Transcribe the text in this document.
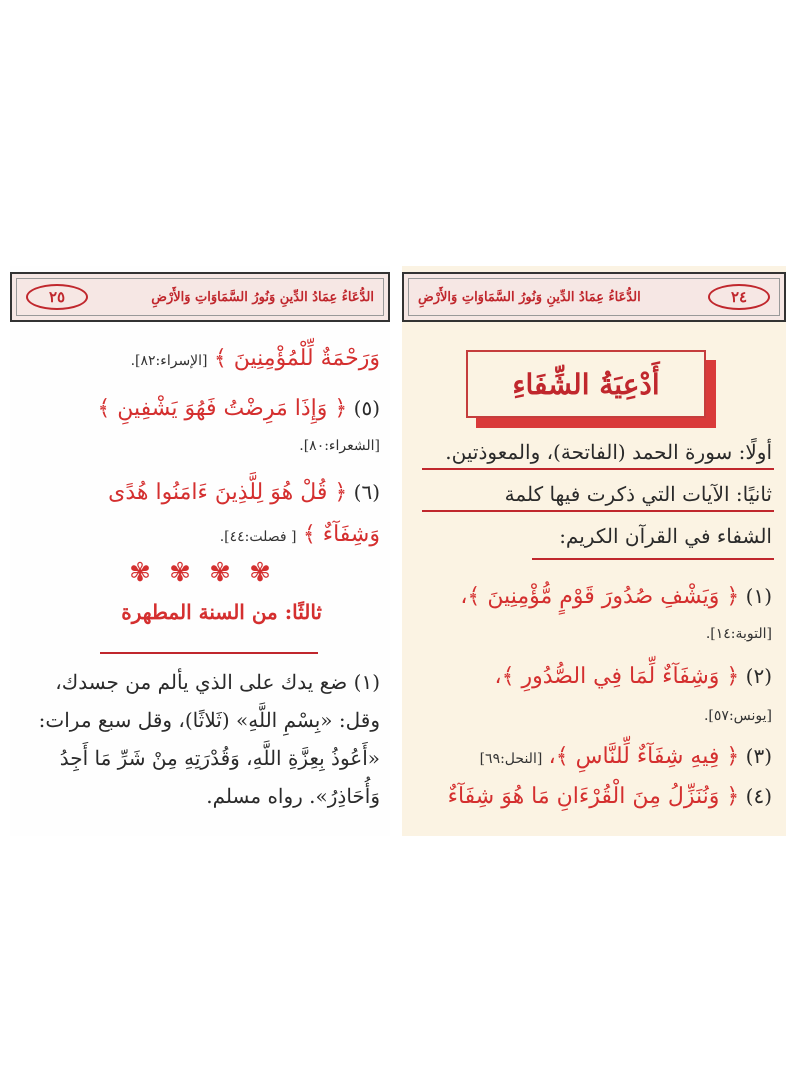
٢٥	الدُّعَاءُ عِمَادُ الدِّينِ وَنُورُ السَّمَاوَاتِ وَالأَرْضِ
وَرَحْمَةٌ لِّلْمُؤْمِنِينَ ﴾ [الإسراء:٨٢].
(٥) ﴿ وَإِذَا مَرِضْتُ فَهُوَ يَشْفِينِ ﴾
[الشعراء:٨٠].
(٦) ﴿ قُلْ هُوَ لِلَّذِينَ ءَامَنُوا هُدًى
وَشِفَآءٌ ﴾ [ فصلت:٤٤].
✾ ✾ ✾ ✾
ثالثًا: من السنة المطهرة
(١) ضع يدك على الذي يألم من جسدك،
وقل: «بِسْمِ اللَّهِ» (ثَلاثًا)، وقل سبع مرات:
«أَعُوذُ بِعِزَّةِ اللَّهِ، وَقُدْرَتِهِ مِنْ شَرِّ مَا أَجِدُ
وَأُحَاذِرُ». رواه مسلم.
الدُّعَاءُ عِمَادُ الدِّينِ وَنُورُ السَّمَاوَاتِ وَالأَرْضِ	٢٤
أَدْعِيَةُ الشِّفَاءِ
أولًا: سورة الحمد (الفاتحة)، والمعوذتين.
ثانيًا: الآيات التي ذكرت فيها كلمة
الشفاء في القرآن الكريم:
(١) ﴿ وَيَشْفِ صُدُورَ قَوْمٍ مُّؤْمِنِينَ ﴾،
[التوبة:١٤].
(٢) ﴿ وَشِفَآءٌ لِّمَا فِي الصُّدُورِ ﴾،
[يونس:٥٧].
(٣) ﴿ فِيهِ شِفَآءٌ لِّلنَّاسِ ﴾، [النحل:٦٩]
(٤) ﴿ وَنُنَزِّلُ مِنَ الْقُرْءَانِ مَا هُوَ شِفَآءٌ
